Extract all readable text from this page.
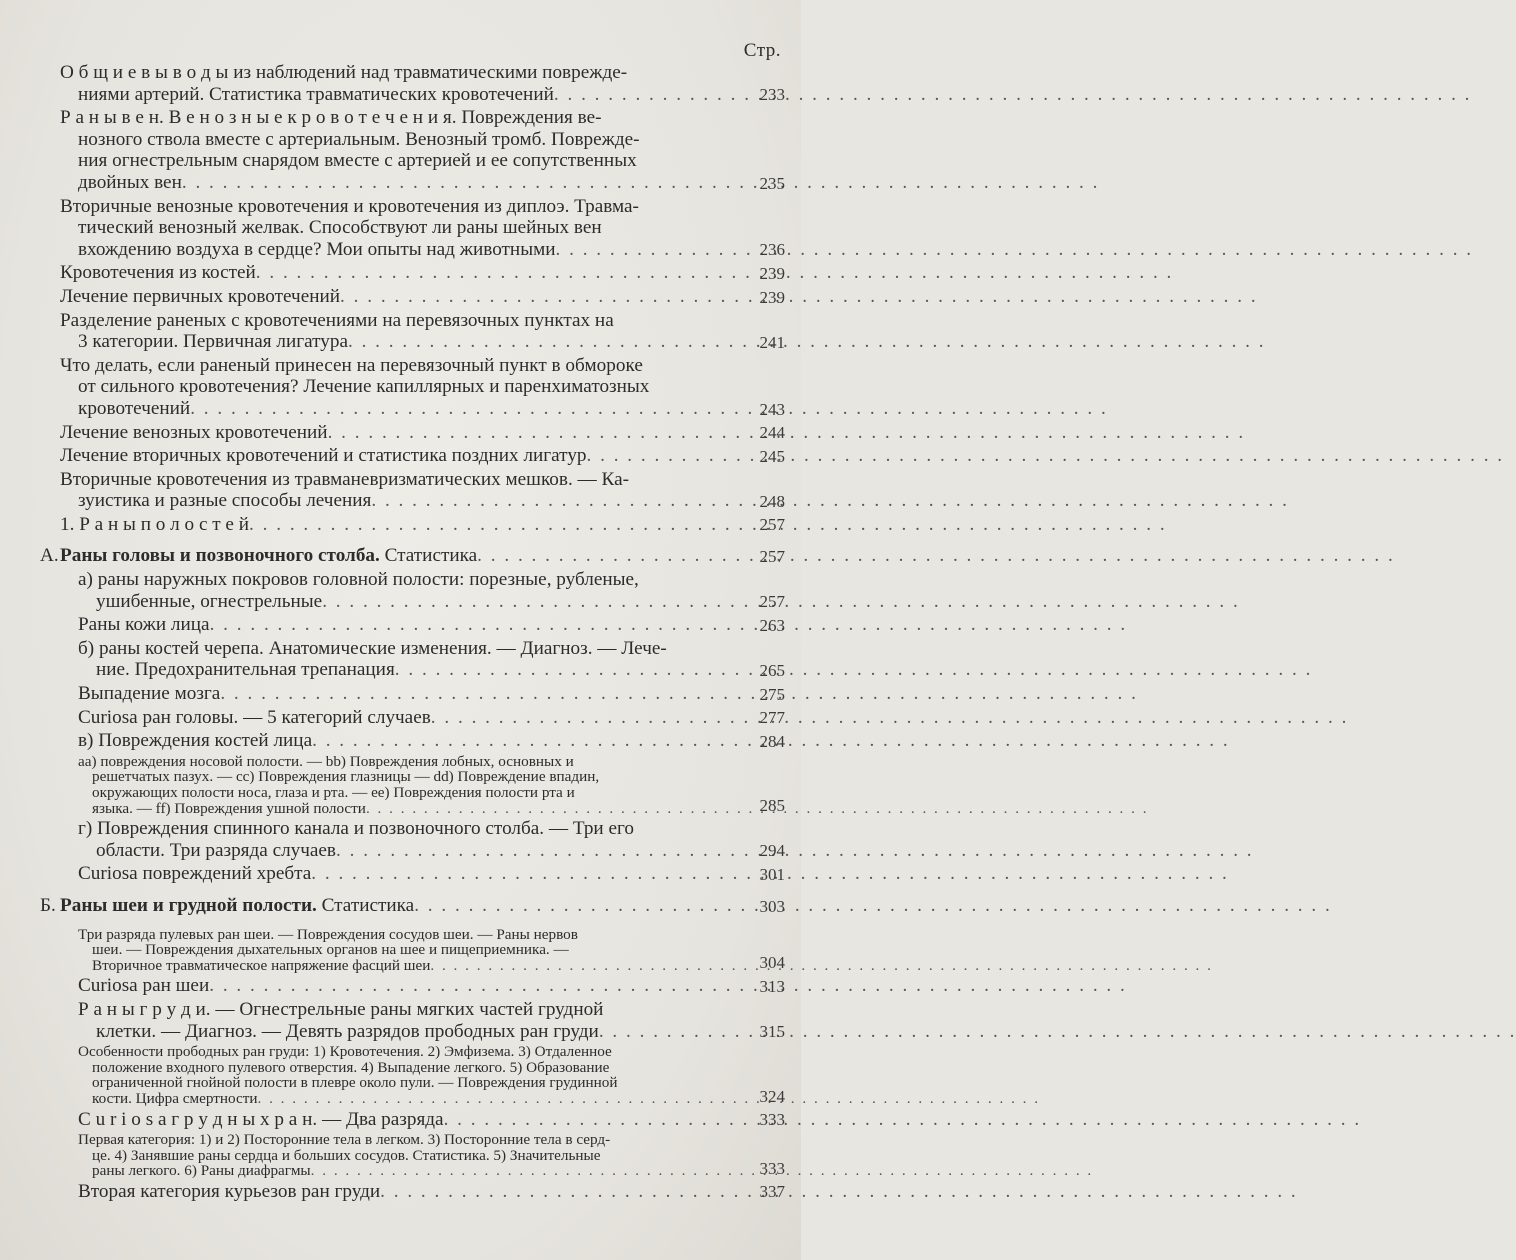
Стр.
О б щ и е в ы в о д ы из наблюдений над травматическими поврежде-
ниями артерий. Статистика травматических кровотечений . . .	233
Р а н ы в е н. В е н о з н ы е к р о в о т е ч е н и я. Повреждения ве-
нозного ствола вместе с артериальным. Венозный тромб. Поврежде-
ния огнестрельным снарядом вместе с артерией и ее сопутственных
двойных вен . . .	235
Вторичные венозные кровотечения и кровотечения из диплоэ. Травма-
тический венозный желвак. Способствуют ли раны шейных вен
вхождению воздуха в сердце? Мои опыты над животными . . .	236
Кровотечения из костей . . .	239
Лечение первичных кровотечений . . .	239
Разделение раненых с кровотечениями на перевязочных пунктах на
3 категории. Первичная лигатура . . .	241
Что делать, если раненый принесен на перевязочный пункт в обмороке
от сильного кровотечения? Лечение капиллярных и паренхиматозных
кровотечений . . .	243
Лечение венозных кровотечений . . .	244
Лечение вторичных кровотечений и статистика поздних лигатур . . .	245
Вторичные кровотечения из травманевризматических мешков. — Ка-
зуистика и разные способы лечения . . .	248
1. Р а н ы п о л о с т е й . . .	257
А. Раны головы и позвоночного столба. Статистика . . .	257
а) раны наружных покровов головной полости: порезные, рубленые,
ушибенные, огнестрельные . . .	257
Раны кожи лица . . .	263
б) раны костей черепа. Анатомические изменения. — Диагноз. — Лече-
ние. Предохранительная трепанация . . .	265
Выпадение мозга . . .	275
Curiosa ран головы. — 5 категорий случаев . . .	277
в) Повреждения костей лица . . .	284
аа) повреждения носовой полости. — bb) Повреждения лобных, основных и
решетчатых пазух. — сс) Повреждения глазницы — dd) Повреждение впадин,
окружающих полости носа, глаза и рта. — ее) Повреждения полости рта и
языка. — ff) Повреждения ушной полости . . .	285
г) Повреждения спинного канала и позвоночного столба. — Три его
области. Три разряда случаев . . .	294
Curiosa повреждений хребта . . .	301
Б. Раны шеи и грудной полости. Статистика . . .	303
Три разряда пулевых ран шеи. — Повреждения сосудов шеи. — Раны нервов
шеи. — Повреждения дыхательных органов на шее и пищеприемника. —
Вторичное травматическое напряжение фасций шеи . . .	304
Curiosa ран шеи . . .	313
Р а н ы г р у д и. — Огнестрельные раны мягких частей грудной
клетки. — Диагноз. — Девять разрядов прободных ран груди . . .	315
Особенности прободных ран груди: 1) Кровотечения. 2) Эмфизема. 3) Отдаленное
положение входного пулевого отверстия. 4) Выпадение легкого. 5) Образование
ограниченной гнойной полости в плевре около пули. — Повреждения грудинной
кости. Цифра смертности . . .	324
C u r i o s a г р у д н ы х р а н. — Два разряда . . .	333
Первая категория: 1) и 2) Посторонние тела в легком. 3) Посторонние тела в серд-
це. 4) Занявшие раны сердца и больших сосудов. Статистика. 5) Значительные
раны легкого. 6) Раны диафрагмы . . .	333
Вторая категория курьезов ран груди . . .	337
